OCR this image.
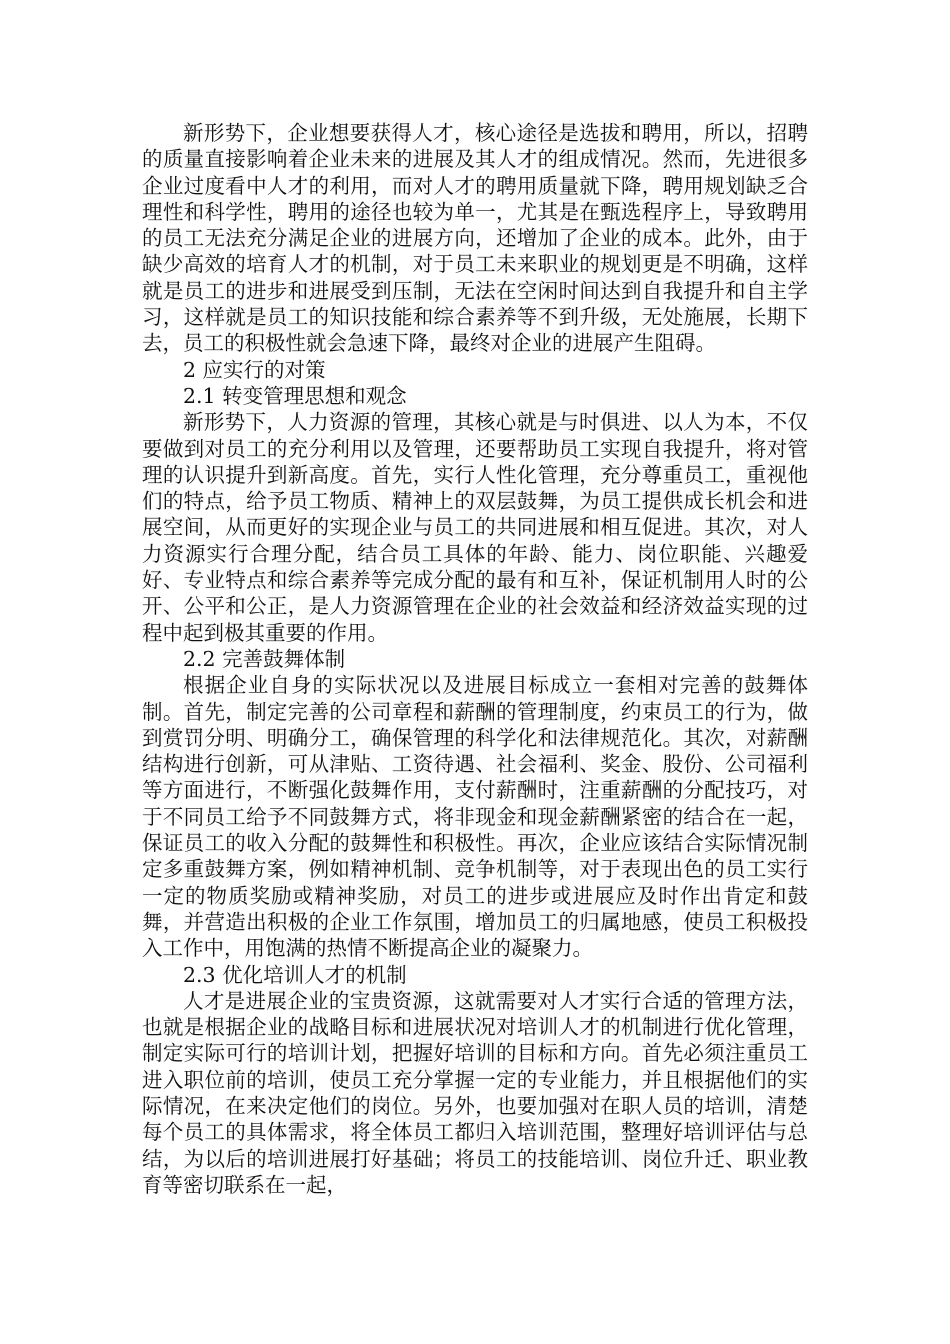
新形势下，企业想要获得人才，核心途径是选拔和聘用，所以，招聘的质量直接影响着企业未来的进展及其人才的组成情况。然而，先进很多企业过度看中人才的利用，而对人才的聘用质量就下降，聘用规划缺乏合理性和科学性，聘用的途径也较为单一，尤其是在甄选程序上，导致聘用的员工无法充分满足企业的进展方向，还增加了企业的成本。此外，由于缺少高效的培育人才的机制，对于员工未来职业的规划更是不明确，这样就是员工的进步和进展受到压制，无法在空闲时间达到自我提升和自主学习，这样就是员工的知识技能和综合素养等不到升级，无处施展，长期下去，员工的积极性就会急速下降，最终对企业的进展产生阻碍。

2 应实行的对策

2.1 转变管理思想和观念

新形势下，人力资源的管理，其核心就是与时俱进、以人为本，不仅要做到对员工的充分利用以及管理，还要帮助员工实现自我提升，将对管理的认识提升到新高度。首先，实行人性化管理，充分尊重员工，重视他们的特点，给予员工物质、精神上的双层鼓舞，为员工提供成长机会和进展空间，从而更好的实现企业与员工的共同进展和相互促进。其次，对人力资源实行合理分配，结合员工具体的年龄、能力、岗位职能、兴趣爱好、专业特点和综合素养等完成分配的最有和互补，保证机制用人时的公开、公平和公正，是人力资源管理在企业的社会效益和经济效益实现的过程中起到极其重要的作用。

2.2 完善鼓舞体制

根据企业自身的实际状况以及进展目标成立一套相对完善的鼓舞体制。首先，制定完善的公司章程和薪酬的管理制度，约束员工的行为，做到赏罚分明、明确分工，确保管理的科学化和法律规范化。其次，对薪酬结构进行创新，可从津贴、工资待遇、社会福利、奖金、股份、公司福利等方面进行，不断强化鼓舞作用，支付薪酬时，注重薪酬的分配技巧，对于不同员工给予不同鼓舞方式，将非现金和现金薪酬紧密的结合在一起，保证员工的收入分配的鼓舞性和积极性。再次，企业应该结合实际情况制定多重鼓舞方案，例如精神机制、竞争机制等，对于表现出色的员工实行一定的物质奖励或精神奖励，对员工的进步或进展应及时作出肯定和鼓舞，并营造出积极的企业工作氛围，增加员工的归属地感，使员工积极投入工作中，用饱满的热情不断提高企业的凝聚力。

2.3 优化培训人才的机制

人才是进展企业的宝贵资源，这就需要对人才实行合适的管理方法，也就是根据企业的战略目标和进展状况对培训人才的机制进行优化管理，制定实际可行的培训计划，把握好培训的目标和方向。首先必须注重员工进入职位前的培训，使员工充分掌握一定的专业能力，并且根据他们的实际情况，在来决定他们的岗位。另外，也要加强对在职人员的培训，清楚每个员工的具体需求，将全体员工都归入培训范围，整理好培训评估与总结，为以后的培训进展打好基础；将员工的技能培训、岗位升迁、职业教育等密切联系在一起，
